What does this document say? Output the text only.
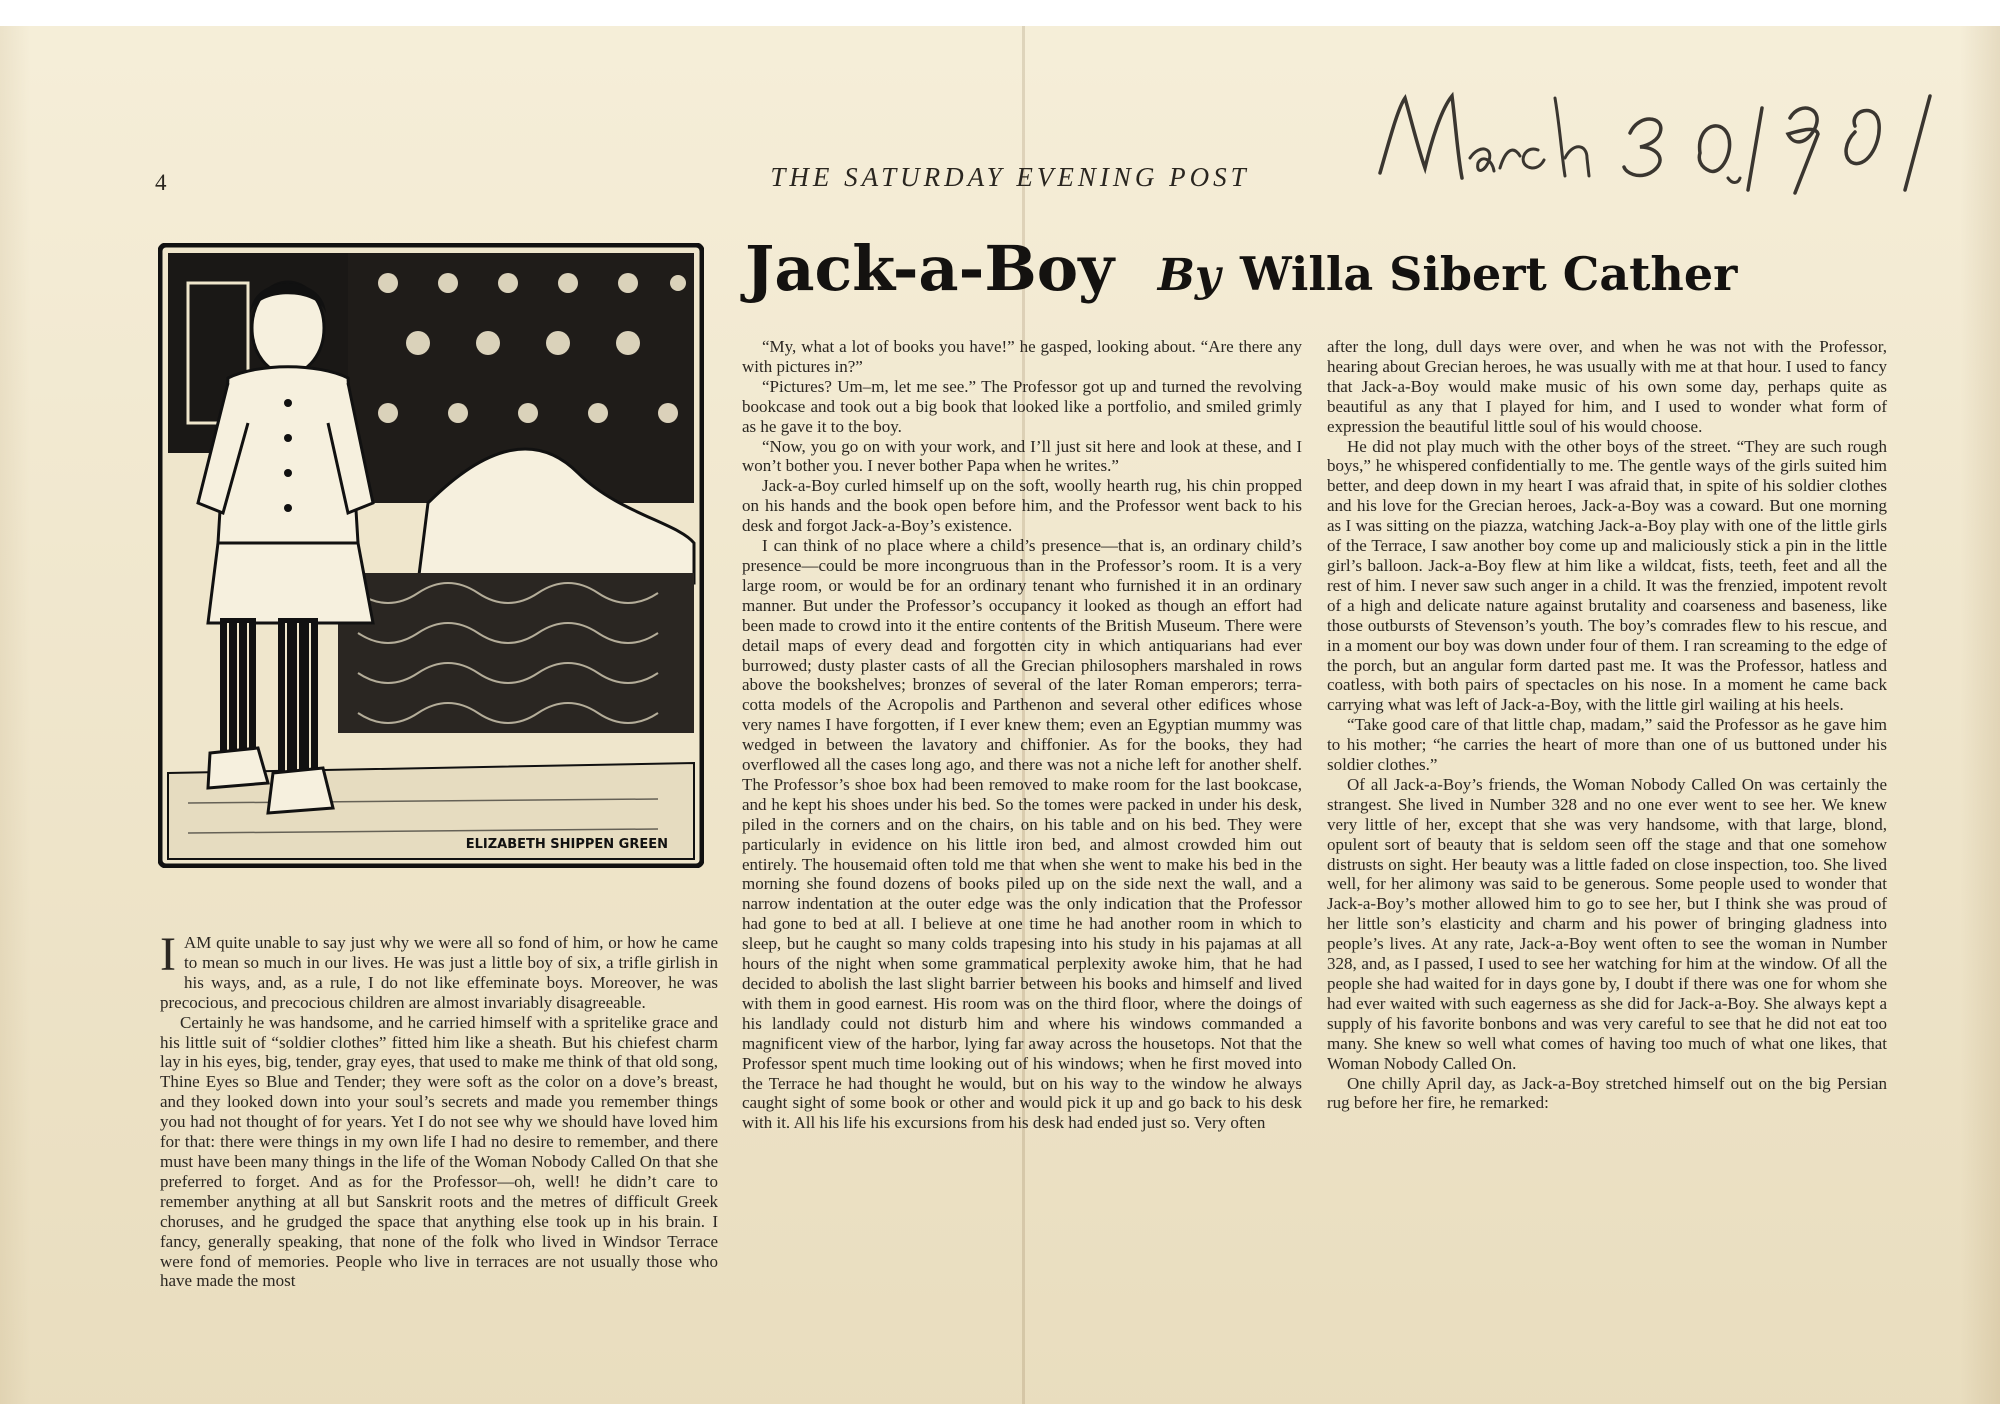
4	THE SATURDAY EVENING POST
Jack-a-Boy By Willa Sibert Cather
ELIZABETH SHIPPEN GREEN

IAM quite unable to say just why we were all so fond of him, or how he came to mean so much in our lives. He was just a little boy of six, a trifle girlish in his ways, and, as a rule, I do not like effeminate boys. Moreover, he was precocious, and precocious children are almost invariably disagreeable.

Certainly he was handsome, and he carried himself with a spritelike grace and his little suit of “soldier clothes” fitted him like a sheath. But his chiefest charm lay in his eyes, big, tender, gray eyes, that used to make me think of that old song, Thine Eyes so Blue and Tender; they were soft as the color on a dove’s breast, and they looked down into your soul’s secrets and made you remember things you had not thought of for years. Yet I do not see why we should have loved him for that: there were things in my own life I had no desire to remember, and there must have been many things in the life of the Woman Nobody Called On that she preferred to forget. And as for the Professor—oh, well! he didn’t care to remember anything at all but Sanskrit roots and the metres of difficult Greek choruses, and he grudged the space that anything else took up in his brain. I fancy, generally speaking, that none of the folk who lived in Windsor Terrace were fond of memories. People who live in terraces are not usually those who have made the most

“My, what a lot of books you have!” he gasped, looking about. “Are there any with pictures in?”

“Pictures? Um–m, let me see.” The Professor got up and turned the revolving bookcase and took out a big book that looked like a portfolio, and smiled grimly as he gave it to the boy.

“Now, you go on with your work, and I’ll just sit here and look at these, and I won’t bother you. I never bother Papa when he writes.”

Jack-a-Boy curled himself up on the soft, woolly hearth rug, his chin propped on his hands and the book open before him, and the Professor went back to his desk and forgot Jack-a-Boy’s existence.

I can think of no place where a child’s presence—that is, an ordinary child’s presence—could be more incongruous than in the Professor’s room. It is a very large room, or would be for an ordinary tenant who furnished it in an ordinary manner. But under the Professor’s occupancy it looked as though an effort had been made to crowd into it the entire contents of the British Museum. There were detail maps of every dead and forgotten city in which antiquarians had ever burrowed; dusty plaster casts of all the Grecian philosophers marshaled in rows above the bookshelves; bronzes of several of the later Roman emperors; terra-cotta models of the Acropolis and Parthenon and several other edifices whose very names I have forgotten, if I ever knew them; even an Egyptian mummy was wedged in between the lavatory and chiffonier. As for the books, they had overflowed all the cases long ago, and there was not a niche left for another shelf. The Professor’s shoe box had been removed to make room for the last bookcase, and he kept his shoes under his bed. So the tomes were packed in under his desk, piled in the corners and on the chairs, on his table and on his bed. They were particularly in evidence on his little iron bed, and almost crowded him out entirely. The housemaid often told me that when she went to make his bed in the morning she found dozens of books piled up on the side next the wall, and a narrow indentation at the outer edge was the only indication that the Professor had gone to bed at all. I believe at one time he had another room in which to sleep, but he caught so many colds trapesing into his study in his pajamas at all hours of the night when some grammatical perplexity awoke him, that he had decided to abolish the last slight barrier between his books and himself and lived with them in good earnest. His room was on the third floor, where the doings of his landlady could not disturb him and where his windows commanded a magnificent view of the harbor, lying far away across the housetops. Not that the Professor spent much time looking out of his windows; when he first moved into the Terrace he had thought he would, but on his way to the window he always caught sight of some book or other and would pick it up and go back to his desk with it. All his life his excursions from his desk had ended just so. Very often

after the long, dull days were over, and when he was not with the Professor, hearing about Grecian heroes, he was usually with me at that hour. I used to fancy that Jack-a-Boy would make music of his own some day, perhaps quite as beautiful as any that I played for him, and I used to wonder what form of expression the beautiful little soul of his would choose.

He did not play much with the other boys of the street. “They are such rough boys,” he whispered confidentially to me. The gentle ways of the girls suited him better, and deep down in my heart I was afraid that, in spite of his soldier clothes and his love for the Grecian heroes, Jack-a-Boy was a coward. But one morning as I was sitting on the piazza, watching Jack-a-Boy play with one of the little girls of the Terrace, I saw another boy come up and maliciously stick a pin in the little girl’s balloon. Jack-a-Boy flew at him like a wildcat, fists, teeth, feet and all the rest of him. I never saw such anger in a child. It was the frenzied, impotent revolt of a high and delicate nature against brutality and coarseness and baseness, like those outbursts of Stevenson’s youth. The boy’s comrades flew to his rescue, and in a moment our boy was down under four of them. I ran screaming to the edge of the porch, but an angular form darted past me. It was the Professor, hatless and coatless, with both pairs of spectacles on his nose. In a moment he came back carrying what was left of Jack-a-Boy, with the little girl wailing at his heels.

“Take good care of that little chap, madam,” said the Professor as he gave him to his mother; “he carries the heart of more than one of us buttoned under his soldier clothes.”

Of all Jack-a-Boy’s friends, the Woman Nobody Called On was certainly the strangest. She lived in Number 328 and no one ever went to see her. We knew very little of her, except that she was very handsome, with that large, blond, opulent sort of beauty that is seldom seen off the stage and that one somehow distrusts on sight. Her beauty was a little faded on close inspection, too. She lived well, for her alimony was said to be generous. Some people used to wonder that Jack-a-Boy’s mother allowed him to go to see her, but I think she was proud of her little son’s elasticity and charm and his power of bringing gladness into people’s lives. At any rate, Jack-a-Boy went often to see the woman in Number 328, and, as I passed, I used to see her watching for him at the window. Of all the people she had waited for in days gone by, I doubt if there was one for whom she had ever waited with such eagerness as she did for Jack-a-Boy. She always kept a supply of his favorite bonbons and was very careful to see that he did not eat too many. She knew so well what comes of having too much of what one likes, that Woman Nobody Called On.

One chilly April day, as Jack-a-Boy stretched himself out on the big Persian rug before her fire, he remarked:
